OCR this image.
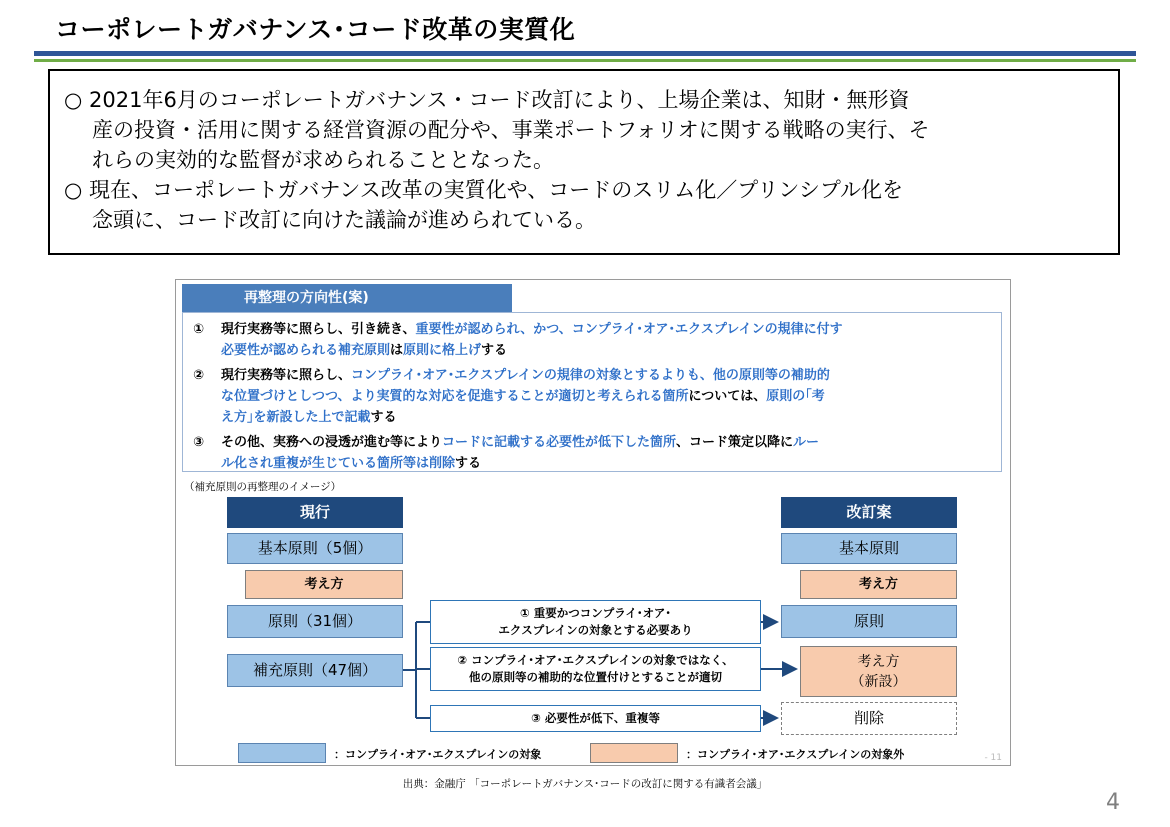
コーポレートガバナンス･コード改革の実質化
○ 2021年6月のコーポレートガバナンス・コード改訂により、上場企業は、知財・無形資
産の投資・活用に関する経営資源の配分や、事業ポートフォリオに関する戦略の実行、そ
れらの実効的な監督が求められることとなった。
○ 現在、コーポレートガバナンス改革の実質化や、コードのスリム化／プリンシプル化を
念頭に、コード改訂に向けた議論が進められている。
再整理の方向性(案)
① 現行実務等に照らし、引き続き、重要性が認められ、かつ、コンプライ･オア･エクスプレインの規律に付す
必要性が認められる補充原則は原則に格上げする
② 現行実務等に照らし、コンプライ･オア･エクスプレインの規律の対象とするよりも、他の原則等の補助的
な位置づけとしつつ、より実質的な対応を促進することが適切と考えられる箇所については、原則の｢考
え方｣を新設した上で記載する
③ その他、実務への浸透が進む等によりコードに記載する必要性が低下した箇所、コード策定以降にルー
ル化され重複が生じている箇所等は削除する
（補充原則の再整理のイメージ）
現行	改訂案
基本原則（5個）
考え方
原則（31個）
補充原則（47個）
基本原則
考え方
原則
考え方
（新設）
削除
① 重要かつコンプライ･オア･
エクスプレインの対象とする必要あり
② コンプライ･オア･エクスプレインの対象ではなく、
他の原則等の補助的な位置付けとすることが適切
③ 必要性が低下、重複等
：コンプライ･オア･エクスプレインの対象	：コンプライ･オア･エクスプレインの対象外	- 11
出典：金融庁 「コーポレートガバナンス･コードの改訂に関する有識者会議」
4
